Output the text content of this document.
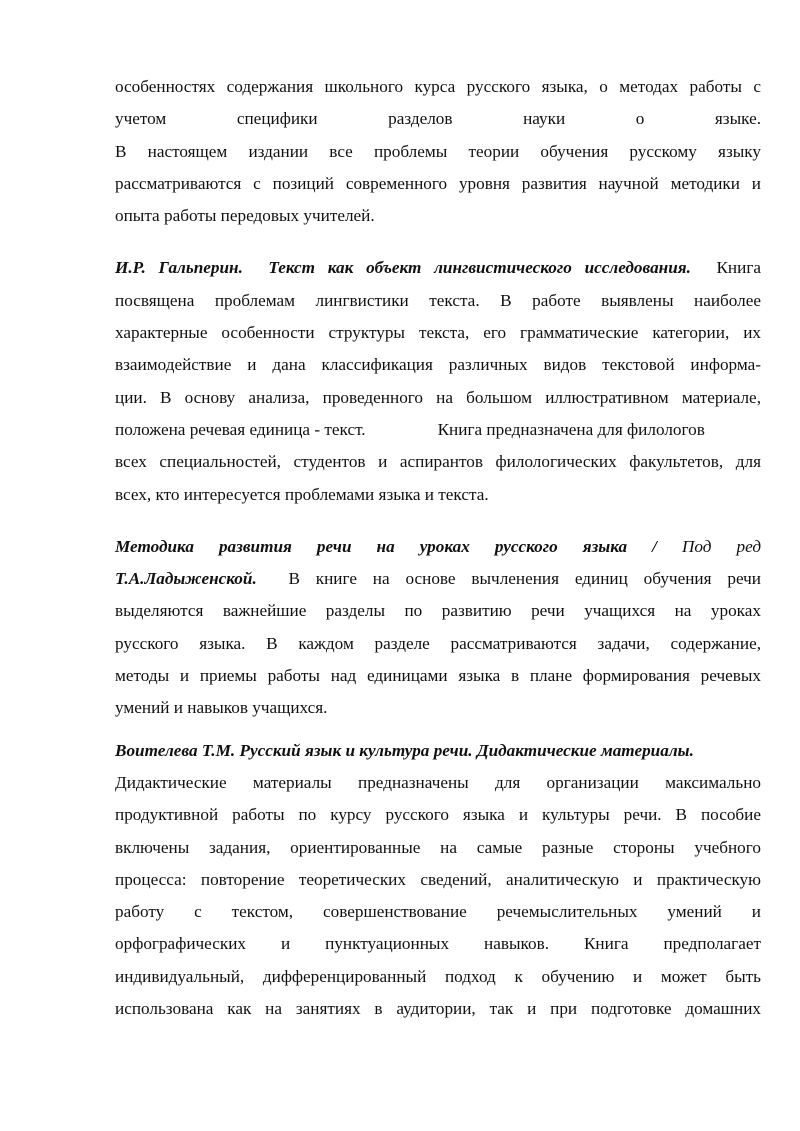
особенностях содержания школьного курса русского языка, о методах работы с
учетом специфики разделов науки о языке.
В настоящем издании все проблемы теории обучения русскому языку
рассматриваются с позиций современного уровня развития научной методики и
опыта работы передовых учителей.
И.Р. Гальперин. Текст как объект лингвистического исследования. Книга
посвящена проблемам лингвистики текста. В работе выявлены наиболее
характерные особенности структуры текста, его грамматические категории, их
взаимодействие и дана классификация различных видов текстовой информа-
ции. В основу анализа, проведенного на большом иллюстративном материале,
положена речевая единица - текст.	Книга предназначена для филологов
всех специальностей, студентов и аспирантов филологических факультетов, для
всех, кто интересуется проблемами языка и текста.
Методика развития речи на уроках русского языка / Под ред
Т.А.Ладыженской. В книге на основе вычленения единиц обучения речи
выделяются важнейшие разделы по развитию речи учащихся на уроках
русского языка. В каждом разделе рассматриваются задачи, содержание,
методы и приемы работы над единицами языка в плане формирования речевых
умений и навыков учащихся.
Воителева Т.М. Русский язык и культура речи. Дидактические материалы.
Дидактические материалы предназначены для организации максимально
продуктивной работы по курсу русского языка и культуры речи. В пособие
включены задания, ориентированные на самые разные стороны учебного
процесса: повторение теоретических сведений, аналитическую и практическую
работу с текстом, совершенствование речемыслительных умений и
орфографических и пунктуационных навыков. Книга предполагает
индивидуальный, дифференцированный подход к обучению и может быть
использована как на занятиях в аудитории, так и при подготовке домашних
